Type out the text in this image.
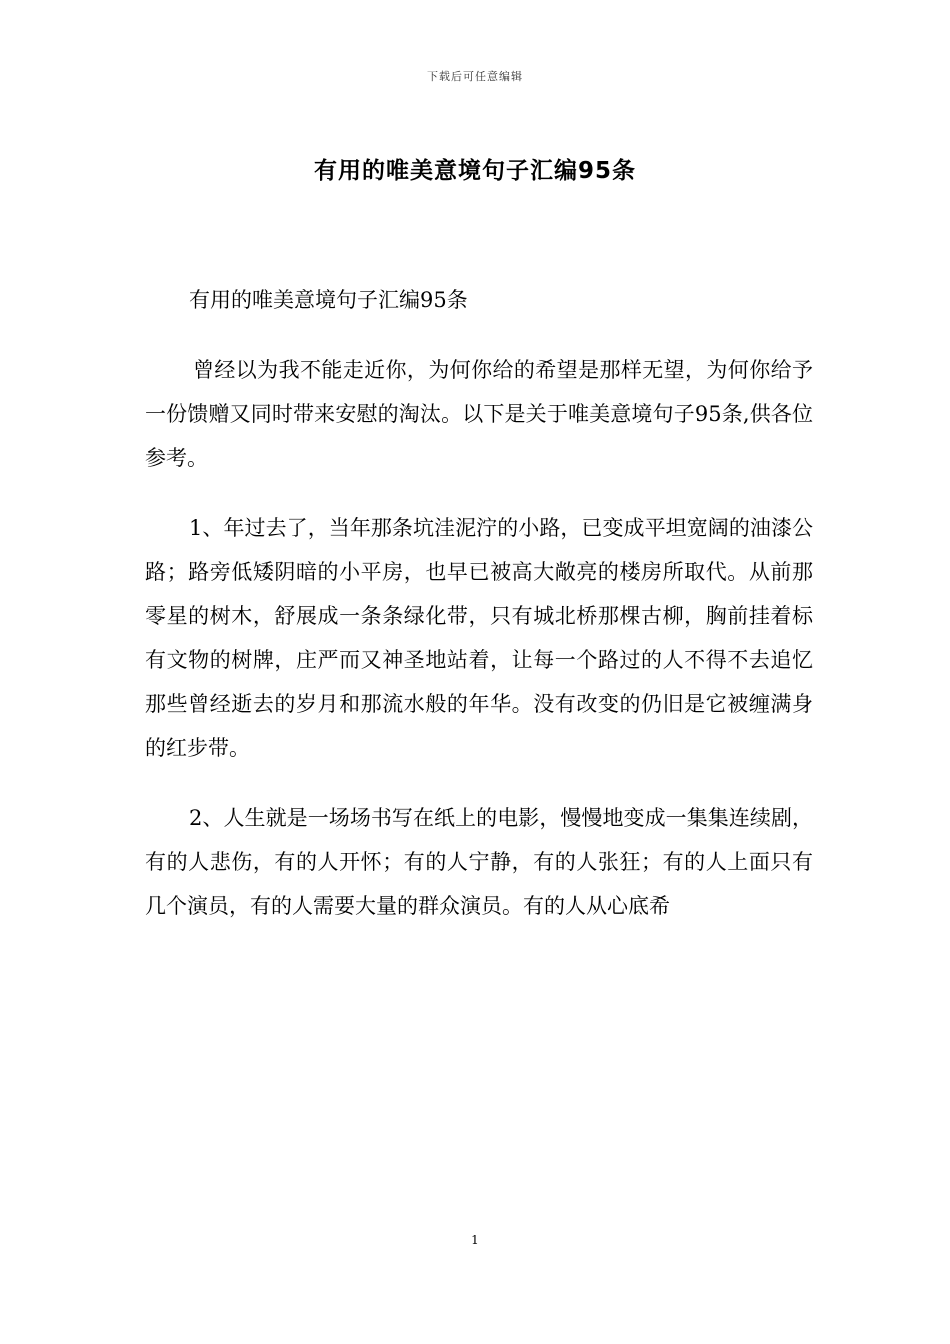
下载后可任意编辑
有用的唯美意境句子汇编95条

有用的唯美意境句子汇编95条

曾经以为我不能走近你，为何你给的希望是那样无望，为何你给予一份馈赠又同时带来安慰的淘汰。以下是关于唯美意境句子95条,供各位参考。

1、年过去了，当年那条坑洼泥泞的小路，已变成平坦宽阔的油漆公路；路旁低矮阴暗的小平房，也早已被高大敞亮的楼房所取代。从前那零星的树木，舒展成一条条绿化带，只有城北桥那棵古柳，胸前挂着标有文物的树牌，庄严而又神圣地站着，让每一个路过的人不得不去追忆那些曾经逝去的岁月和那流水般的年华。没有改变的仍旧是它被缠满身的红步带。

2、人生就是一场场书写在纸上的电影，慢慢地变成一集集连续剧，有的人悲伤，有的人开怀；有的人宁静，有的人张狂；有的人上面只有几个演员，有的人需要大量的群众演员。有的人从心底希

1
